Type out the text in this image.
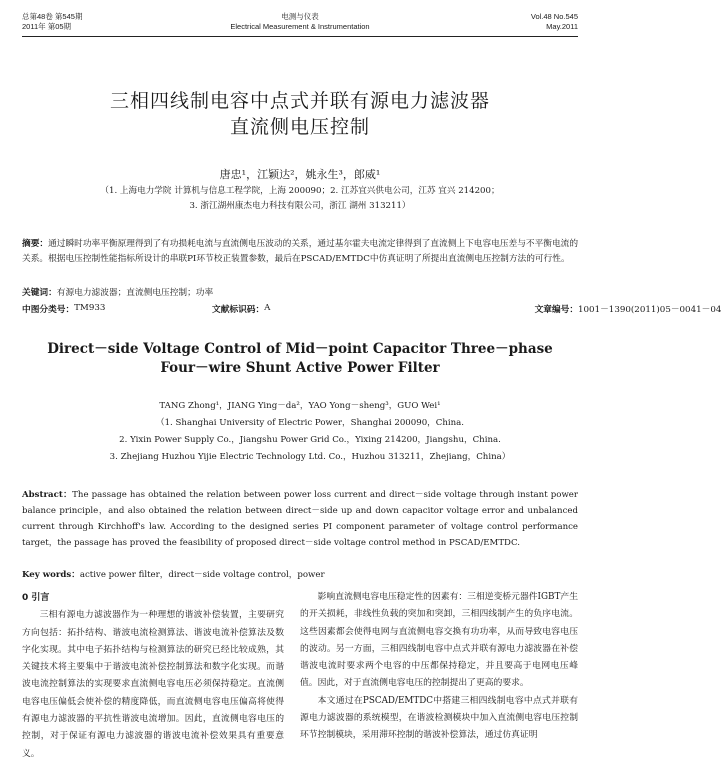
总第48卷 第545期
2011年 第05期
电测与仪表
Electrical Measurement & Instrumentation
Vol.48 No.545
May.2011
三相四线制电容中点式并联有源电力滤波器
直流侧电压控制
唐忠¹，江颖达²，姚永生³，郎威¹
（1. 上海电力学院 计算机与信息工程学院，上海 200090；2. 江苏宜兴供电公司，江苏 宜兴 214200；
3. 浙江湖州康杰电力科技有限公司，浙江 湖州 313211）
摘要：通过瞬时功率平衡原理得到了有功损耗电流与直流侧电压波动的关系，通过基尔霍夫电流定律得到了直流侧上下电容电压差与不平衡电流的关系。根据电压控制性能指标所设计的串联PI环节校正装置参数，最后在PSCAD/EMTDC中仿真证明了所提出直流侧电压控制方法的可行性。
关键词：有源电力滤波器；直流侧电压控制；功率
中图分类号： TM933	文献标识码： A	文章编号： 1001－1390(2011)05－0041－04
Direct－side Voltage Control of Mid－point Capacitor Three－phase
Four－wire Shunt Active Power Filter
TANG Zhong¹，JIANG Ying－da²，YAO Yong－sheng³，GUO Wei¹
（1. Shanghai University of Electric Power，Shanghai 200090，China.
2. Yixin Power Supply Co.，Jiangshu Power Grid Co.，Yixing 214200，Jiangshu，China.
3. Zhejiang Huzhou Yijie Electric Technology Ltd. Co.，Huzhou 313211，Zhejiang，China）
Abstract：The passage has obtained the relation between power loss current and direct－side voltage through instant power balance principle，and also obtained the relation between direct－side up and down capacitor voltage error and unbalanced current through Kirchhoff's law. According to the designed series PI component parameter of voltage control performance target，the passage has proved the feasibility of proposed direct－side voltage control method in PSCAD/EMTDC.
Key words：active power filter，direct－side voltage control，power

0 引言

三相有源电力滤波器作为一种理想的谐波补偿装置，主要研究方向包括：拓扑结构、谐波电流检测算法、谐波电流补偿算法及数字化实现。其中电子拓扑结构与检测算法的研究已经比较成熟，其关键技术将主要集中于谐波电流补偿控制算法和数字化实现。而谐波电流控制算法的实现要求直流侧电容电压必须保持稳定。直流侧电容电压偏低会使补偿的精度降低，而直流侧电容电压偏高将使得有源电力滤波器的平抗性谐波电流增加。因此，直流侧电容电压的控制，对于保证有源电力滤波器的谐波电流补偿效果具有重要意义。

影响直流侧电容电压稳定性的因素有：三相逆变桥元器件IGBT产生的开关损耗，非线性负载的突加和突卸，三相四线制产生的负序电流。这些因素都会使得电网与直流侧电容交换有功功率，从而导致电容电压的波动。另一方面，三相四线制电容中点式并联有源电力滤波器在补偿谐波电流时要求两个电容的中压都保持稳定，并且要高于电网电压峰值。因此，对于直流侧电容电压的控制提出了更高的要求。

本文通过在PSCAD/EMTDC中搭建三相四线制电容中点式并联有源电力滤波器的系统模型，在谐波检测模块中加入直流侧电容电压控制环节控制模块，采用滞环控制的谐波补偿算法，通过仿真证明
